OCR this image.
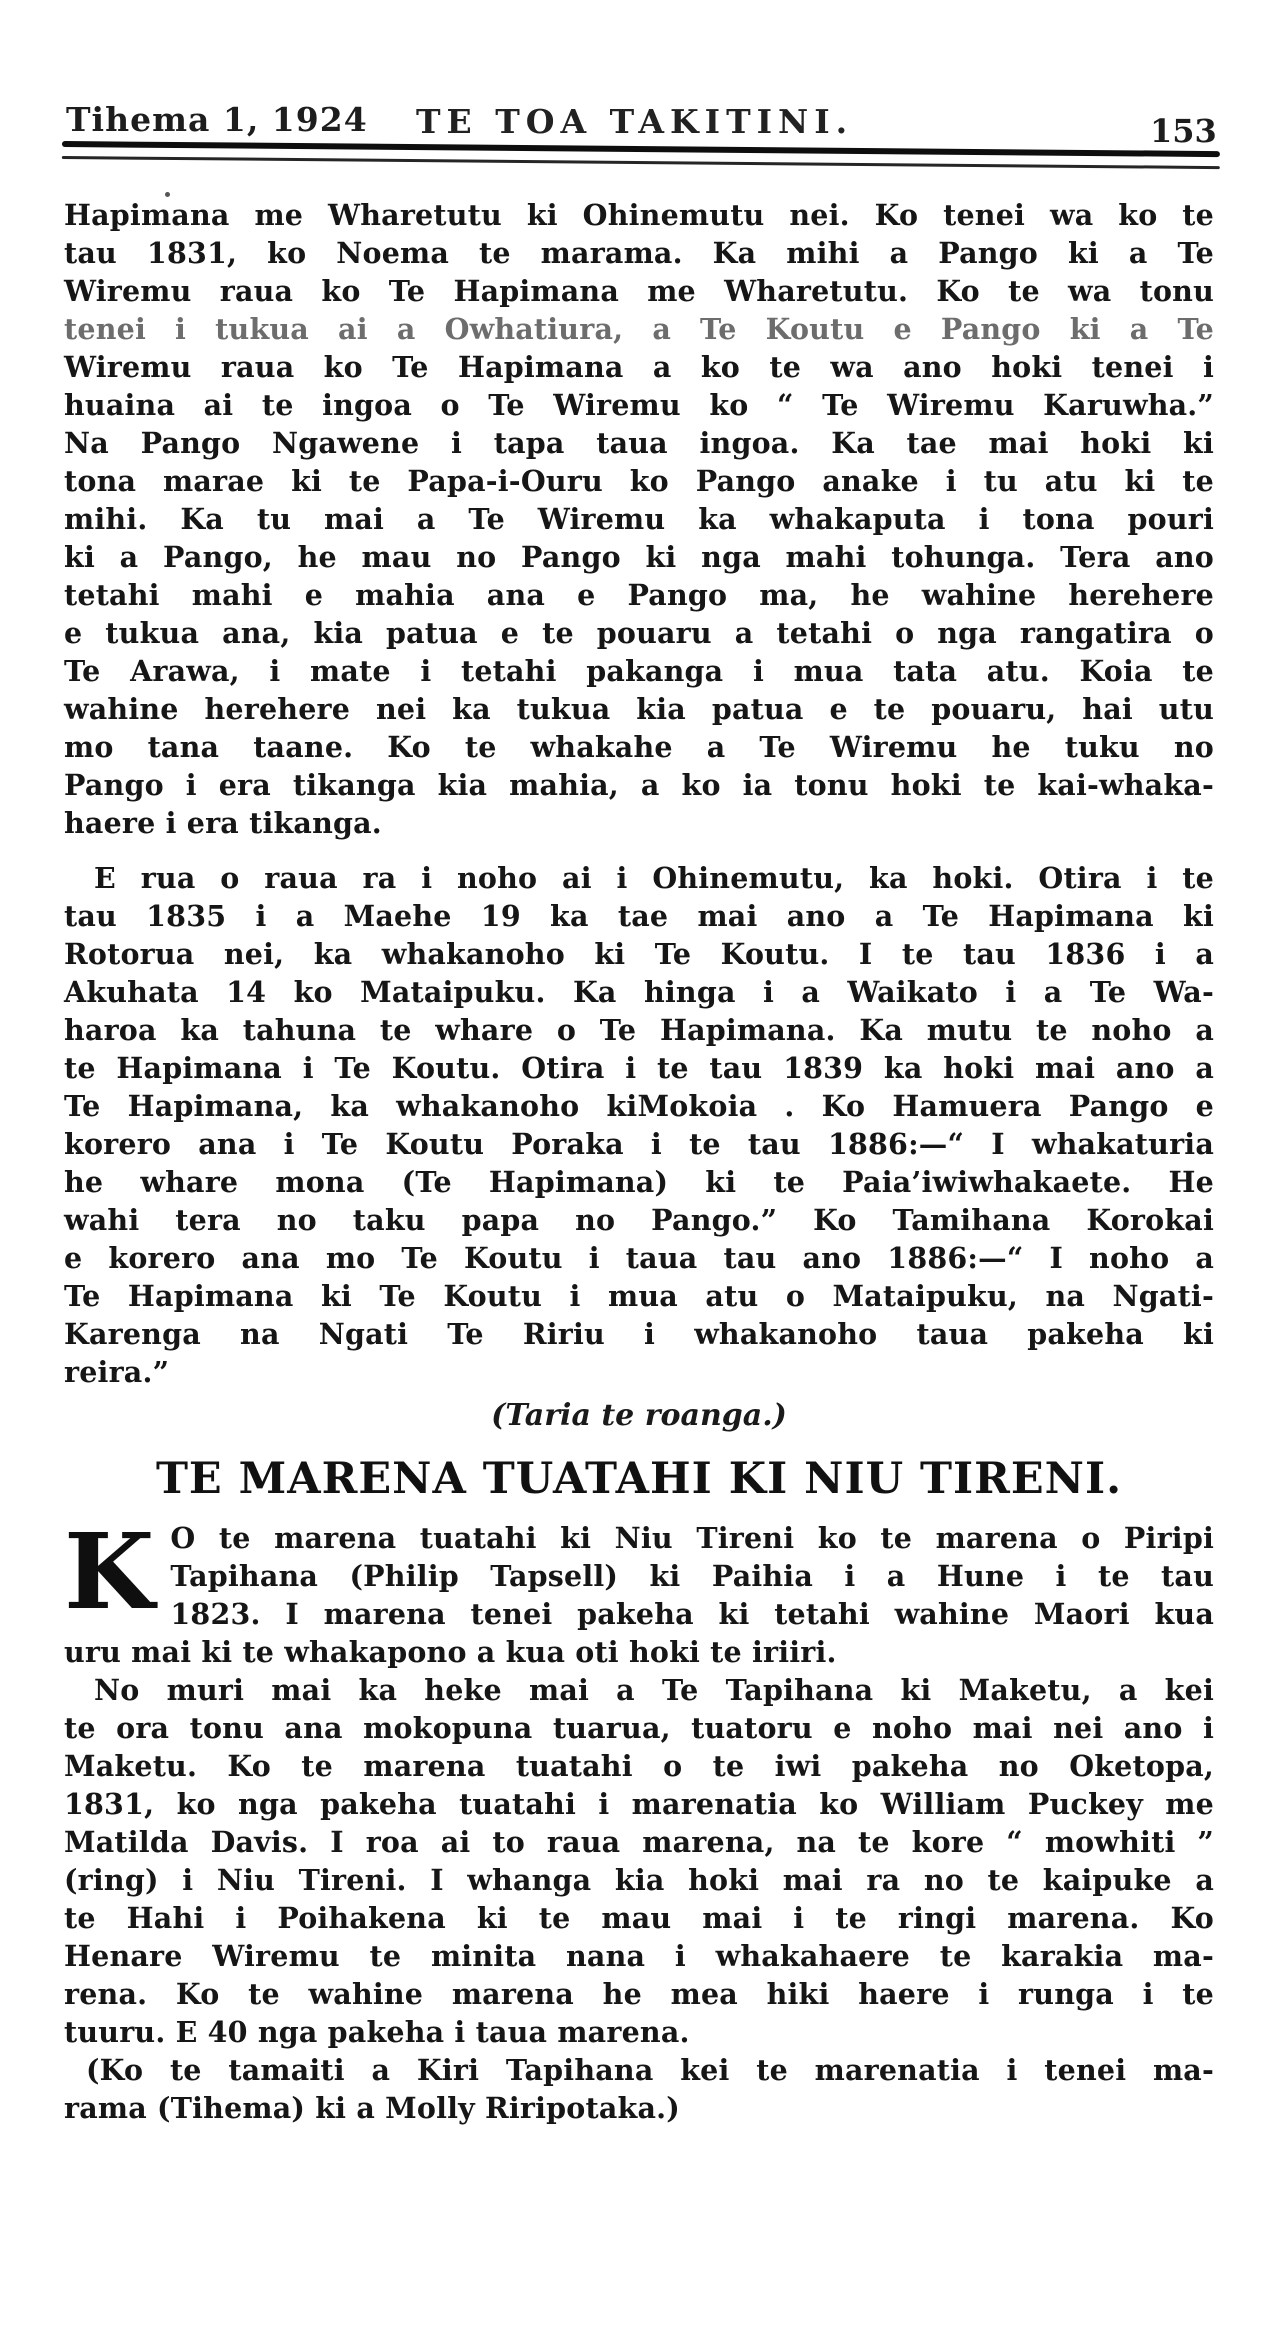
Tihema 1, 1924 TE TOA TAKITINI.	153
Hapimana me Wharetutu ki Ohinemutu nei. Ko tenei wa ko te
tau 1831, ko Noema te marama. Ka mihi a Pango ki a Te
Wiremu raua ko Te Hapimana me Wharetutu. Ko te wa tonu
tenei i tukua ai a Owhatiura, a Te Koutu e Pango ki a Te
Wiremu raua ko Te Hapimana a ko te wa ano hoki tenei i
huaina ai te ingoa o Te Wiremu ko “ Te Wiremu Karuwha.”
Na Pango Ngawene i tapa taua ingoa. Ka tae mai hoki ki
tona marae ki te Papa-i-Ouru ko Pango anake i tu atu ki te
mihi. Ka tu mai a Te Wiremu ka whakaputa i tona pouri
ki a Pango, he mau no Pango ki nga mahi tohunga. Tera ano
tetahi mahi e mahia ana e Pango ma, he wahine herehere
e tukua ana, kia patua e te pouaru a tetahi o nga rangatira o
Te Arawa, i mate i tetahi pakanga i mua tata atu. Koia te
wahine herehere nei ka tukua kia patua e te pouaru, hai utu
mo tana taane. Ko te whakahe a Te Wiremu he tuku no
Pango i era tikanga kia mahia, a ko ia tonu hoki te kai-whaka-
haere i era tikanga.
E rua o raua ra i noho ai i Ohinemutu, ka hoki. Otira i te
tau 1835 i a Maehe 19 ka tae mai ano a Te Hapimana ki
Rotorua nei, ka whakanoho ki Te Koutu. I te tau 1836 i a
Akuhata 14 ko Mataipuku. Ka hinga i a Waikato i a Te Wa-
haroa ka tahuna te whare o Te Hapimana. Ka mutu te noho a
te Hapimana i Te Koutu. Otira i te tau 1839 ka hoki mai ano a
Te Hapimana, ka whakanoho kiMokoia . Ko Hamuera Pango e
korero ana i Te Koutu Poraka i te tau 1886:—“ I whakaturia
he whare mona (Te Hapimana) ki te Paia’iwiwhakaete. He
wahi tera no taku papa no Pango.” Ko Tamihana Korokai
e korero ana mo Te Koutu i taua tau ano 1886:—“ I noho a
Te Hapimana ki Te Koutu i mua atu o Mataipuku, na Ngati-
Karenga na Ngati Te Ririu i whakanoho taua pakeha ki
reira.”
(Taria te roanga.)
TE MARENA TUATAHI KI NIU TIRENI.
K O te marena tuatahi ki Niu Tireni ko te marena o Piripi
Tapihana (Philip Tapsell) ki Paihia i a Hune i te tau
1823. I marena tenei pakeha ki tetahi wahine Maori kua
uru mai ki te whakapono a kua oti hoki te iriiri.
No muri mai ka heke mai a Te Tapihana ki Maketu, a kei
te ora tonu ana mokopuna tuarua, tuatoru e noho mai nei ano i
Maketu. Ko te marena tuatahi o te iwi pakeha no Oketopa,
1831, ko nga pakeha tuatahi i marenatia ko William Puckey me
Matilda Davis. I roa ai to raua marena, na te kore “ mowhiti ”
(ring) i Niu Tireni. I whanga kia hoki mai ra no te kaipuke a
te Hahi i Poihakena ki te mau mai i te ringi marena. Ko
Henare Wiremu te minita nana i whakahaere te karakia ma-
rena. Ko te wahine marena he mea hiki haere i runga i te
tuuru. E 40 nga pakeha i taua marena.
(Ko te tamaiti a Kiri Tapihana kei te marenatia i tenei ma-
rama (Tihema) ki a Molly Riripotaka.)
